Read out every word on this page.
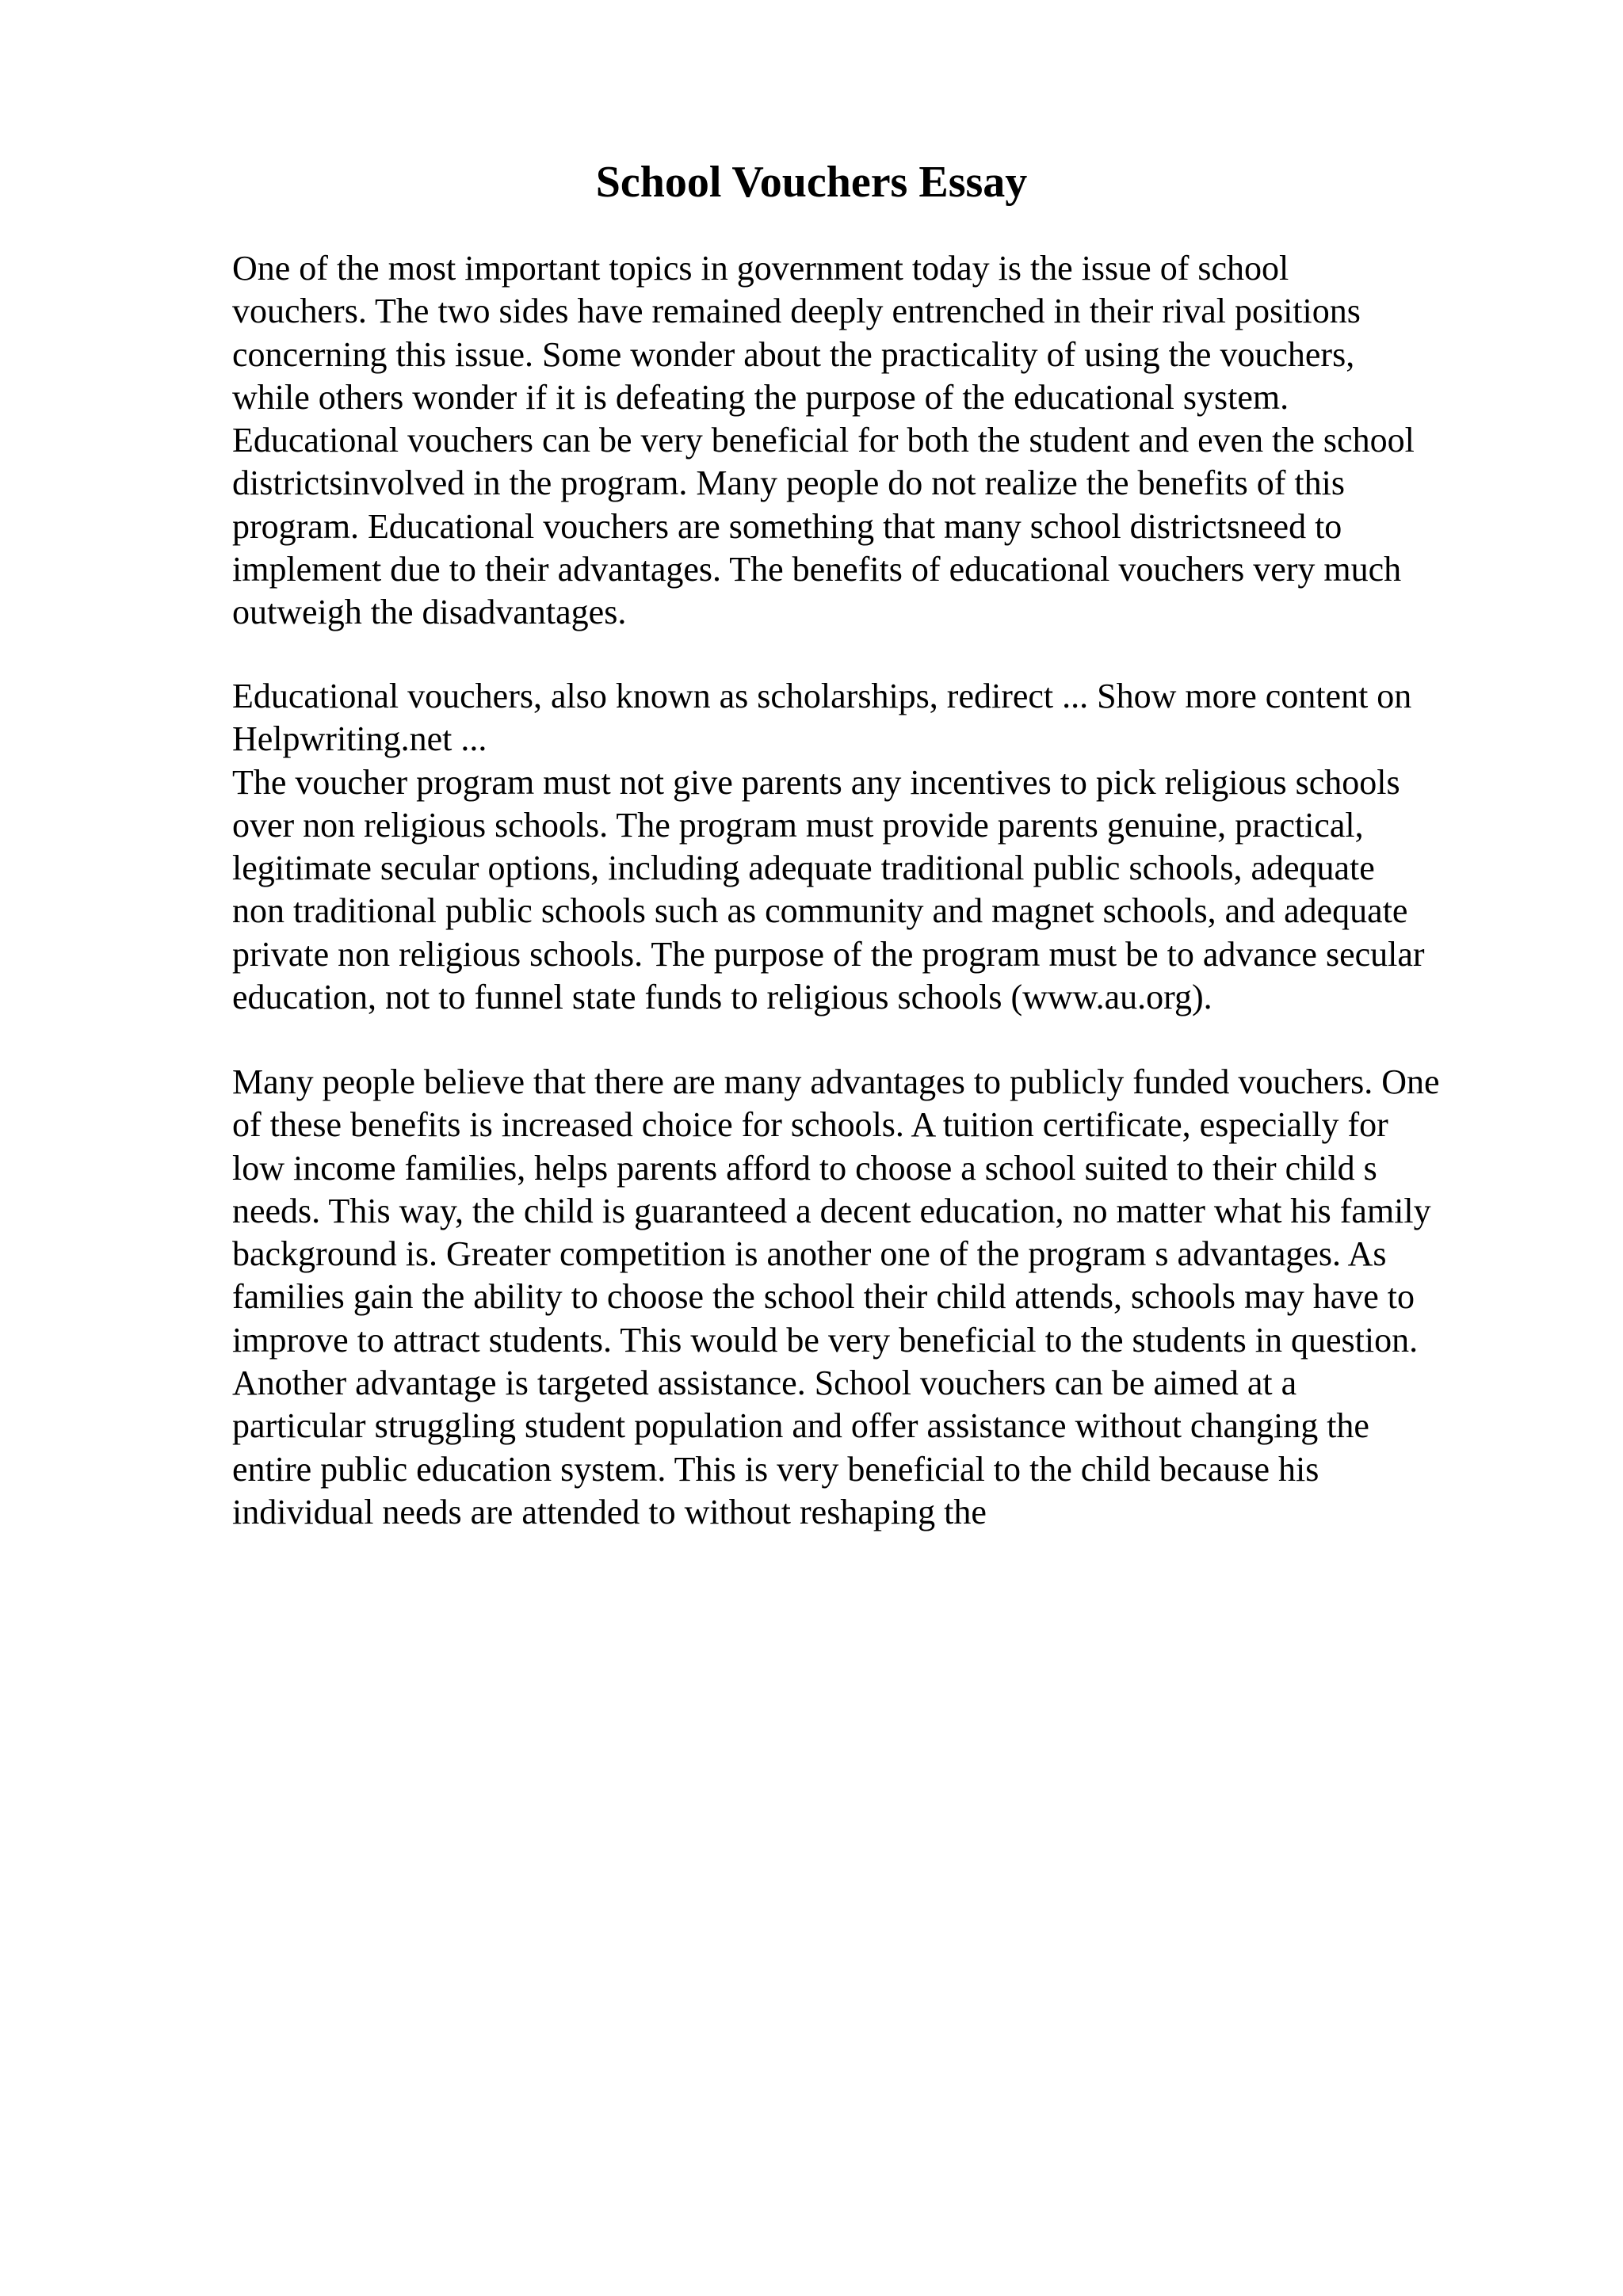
School Vouchers Essay
One of the most important topics in government today is the issue of school
vouchers. The two sides have remained deeply entrenched in their rival positions
concerning this issue. Some wonder about the practicality of using the vouchers,
while others wonder if it is defeating the purpose of the educational system.
Educational vouchers can be very beneficial for both the student and even the school
districtsinvolved in the program. Many people do not realize the benefits of this
program. Educational vouchers are something that many school districtsneed to
implement due to their advantages. The benefits of educational vouchers very much
outweigh the disadvantages.
Educational vouchers, also known as scholarships, redirect ... Show more content on
Helpwriting.net ...
The voucher program must not give parents any incentives to pick religious schools
over non religious schools. The program must provide parents genuine, practical,
legitimate secular options, including adequate traditional public schools, adequate
non traditional public schools such as community and magnet schools, and adequate
private non religious schools. The purpose of the program must be to advance secular
education, not to funnel state funds to religious schools (www.au.org).
Many people believe that there are many advantages to publicly funded vouchers. One
of these benefits is increased choice for schools. A tuition certificate, especially for
low income families, helps parents afford to choose a school suited to their child s
needs. This way, the child is guaranteed a decent education, no matter what his family
background is. Greater competition is another one of the program s advantages. As
families gain the ability to choose the school their child attends, schools may have to
improve to attract students. This would be very beneficial to the students in question.
Another advantage is targeted assistance. School vouchers can be aimed at a
particular struggling student population and offer assistance without changing the
entire public education system. This is very beneficial to the child because his
individual needs are attended to without reshaping the
